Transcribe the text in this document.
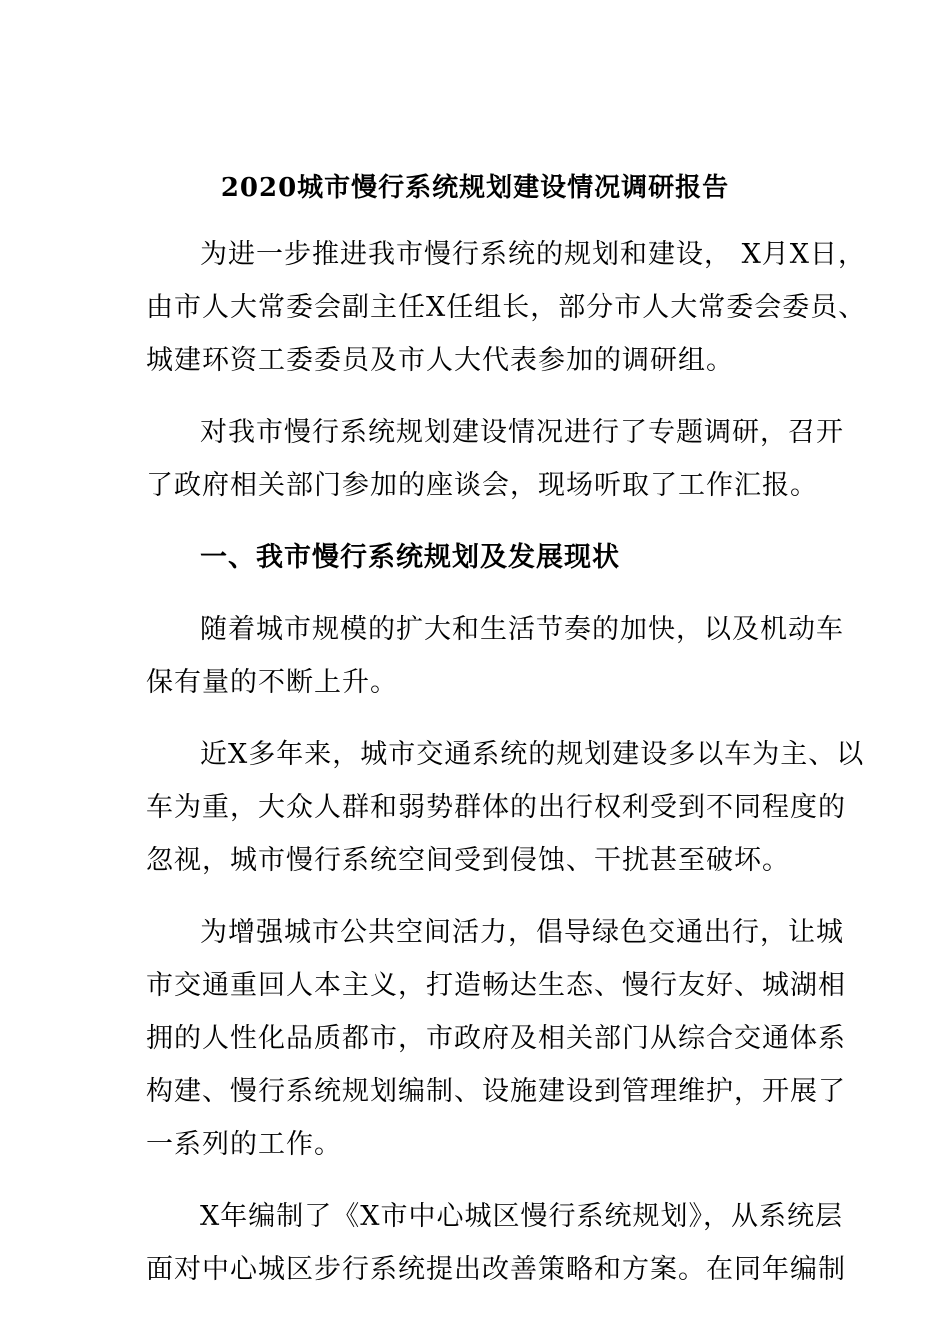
2020城市慢行系统规划建设情况调研报告

为进一步推进我市慢行系统的规划和建设， X月X日，
由市人大常委会副主任X任组长，部分市人大常委会委员、
城建环资工委委员及市人大代表参加的调研组。

对我市慢行系统规划建设情况进行了专题调研，召开
了政府相关部门参加的座谈会，现场听取了工作汇报。

一、我市慢行系统规划及发展现状

随着城市规模的扩大和生活节奏的加快，以及机动车
保有量的不断上升。

近X多年来，城市交通系统的规划建设多以车为主、以
车为重，大众人群和弱势群体的出行权利受到不同程度的
忽视，城市慢行系统空间受到侵蚀、干扰甚至破坏。

为增强城市公共空间活力，倡导绿色交通出行，让城
市交通重回人本主义，打造畅达生态、慢行友好、城湖相
拥的人性化品质都市，市政府及相关部门从综合交通体系
构建、慢行系统规划编制、设施建设到管理维护，开展了
一系列的工作。

X年编制了《X市中心城区慢行系统规划》，从系统层
面对中心城区步行系统提出改善策略和方案。在同年编制
